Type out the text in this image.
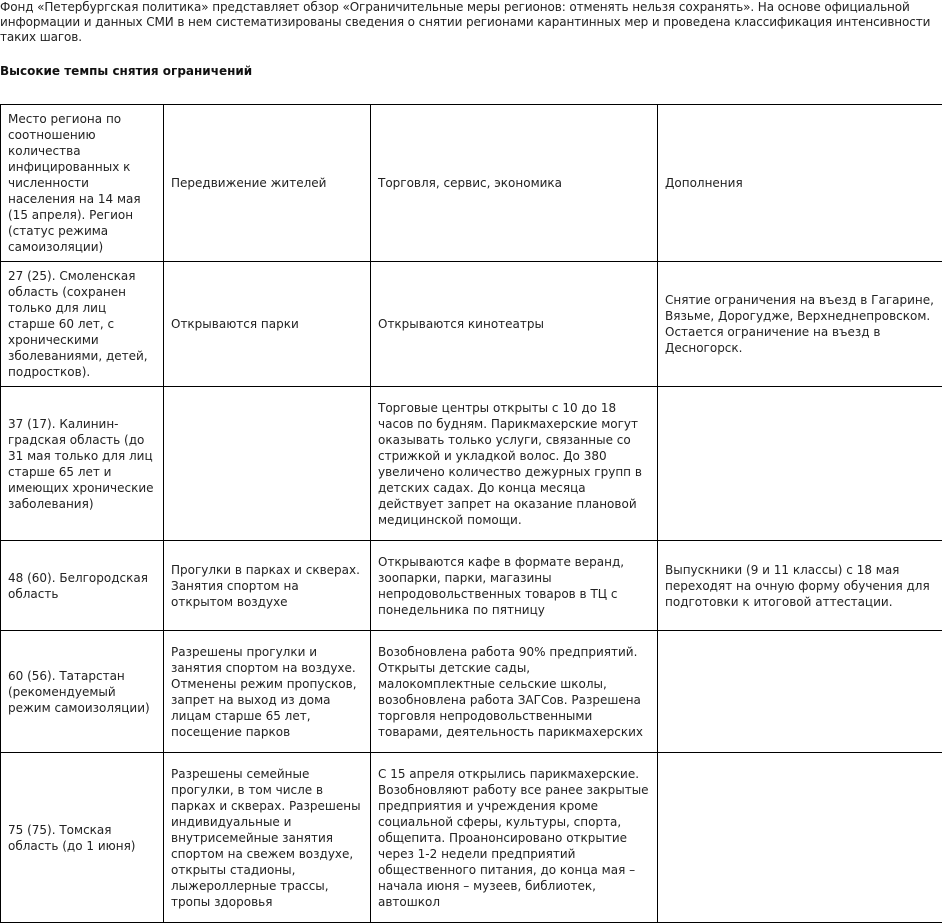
Фонд «Петербургская политика» представляет обзор «Ограничительные меры регионов: отменять нельзя сохранять». На основе официальной информации и данных СМИ в нем систематизированы сведения о снятии регионами карантинных мер и проведена классификация интенсивности таких шагов.

Высокие темпы снятия ограничений

Место региона по соотношению количества инфицированных к численности населения на 14 мая (15 апреля). Регион (статус режима самоизоляции)	Передвижение жителей	Торговля, сервис, экономика	Дополнения
27 (25). Смоленская область (сохранен только для лиц старше 60 лет, с хроническими зболеваниями, детей, подростков).	Открываются парки	Открываются кинотеатры	Снятие ограничения на въезд в Гагарине, Вязьме, Дорогудже, Верхнеднепровском. Остается ограничение на въезд в Десногорск.
37 (17). Калинин-градская область (до 31 мая только для лиц старше 65 лет и имеющих хронические заболевания)		Торговые центры открыты с 10 до 18 часов по будням. Парикмахерские могут оказывать только услуги, связанные со стрижкой и укладкой волос. До 380 увеличено количество дежурных групп в детских садах. До конца месяца действует запрет на оказание плановой медицинской помощи.	
48 (60). Белгородская область	Прогулки в парках и скверах. Занятия спортом на открытом воздухе	Открываются кафе в формате веранд, зоопарки, парки, магазины непродовольственных товаров в ТЦ с понедельника по пятницу	Выпускники (9 и 11 классы) с 18 мая переходят на очную форму обучения для подготовки к итоговой аттестации.
60 (56). Татарстан (рекомендуемый режим самоизоляции)	Разрешены прогулки и занятия спортом на воздухе. Отменены режим пропусков, запрет на выход из дома лицам старше 65 лет, посещение парков	Возобновлена работа 90% предприятий. Открыты детские сады, малокомплектные сельские школы, возобновлена работа ЗАГСов. Разрешена торговля непродовольственными товарами, деятельность парикмахерских	
75 (75). Томская область (до 1 июня)	Разрешены семейные прогулки, в том числе в парках и скверах. Разрешены индивидуальные и внутрисемейные занятия спортом на свежем воздухе, открыты стадионы, лыжероллерные трассы, тропы здоровья	С 15 апреля открылись парикмахерские. Возобновляют работу все ранее закрытые предприятия и учреждения кроме социальной сферы, культуры, спорта, общепита. Проанонсировано открытие через 1-2 недели предприятий общественного питания, до конца мая – начала июня – музеев, библиотек, автошкол	
